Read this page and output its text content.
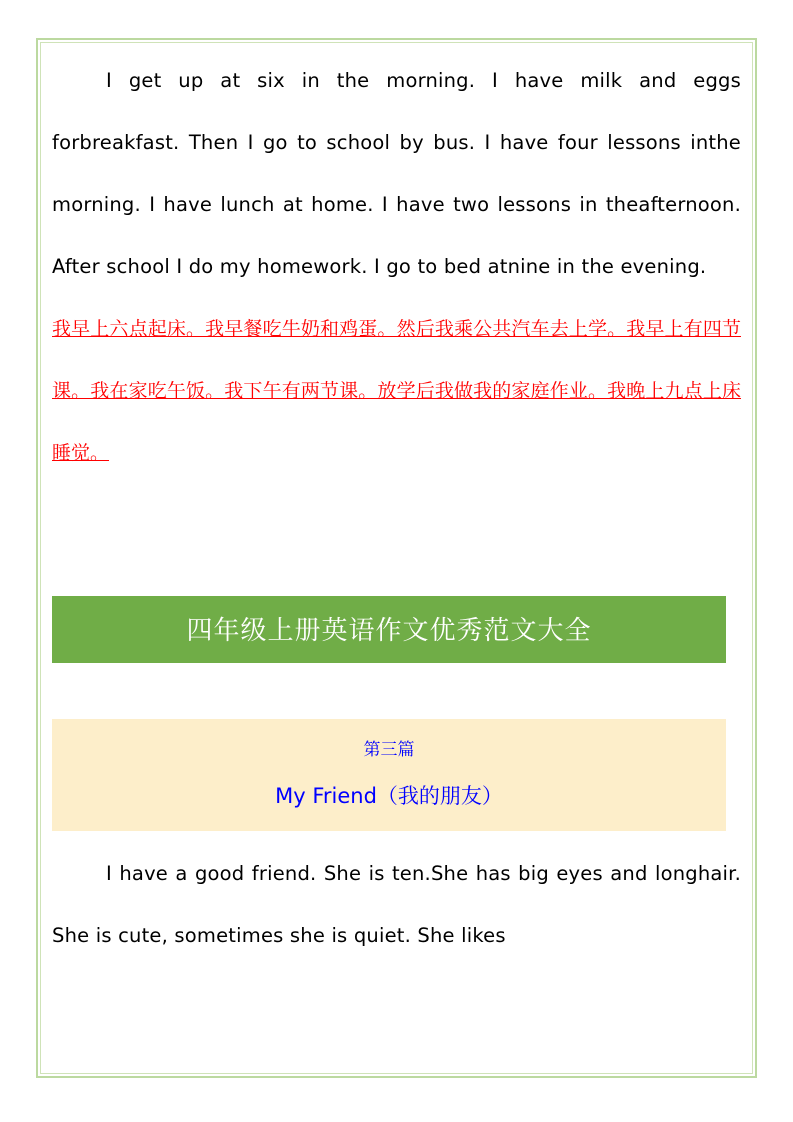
I get up at six in the morning. I have milk and eggs forbreakfast. Then I go to school by bus. I have four lessons inthe morning. I have lunch at home. I have two lessons in theafternoon. After school I do my homework. I go to bed atnine in the evening.

我早上六点起床。我早餐吃牛奶和鸡蛋。然后我乘公共汽车去上学。我早上有四节课。我在家吃午饭。我下午有两节课。放学后我做我的家庭作业。我晚上九点上床睡觉。

四年级上册英语作文优秀范文大全

第三篇

My Friend（我的朋友）

I have a good friend. She is ten.She has big eyes and longhair. She is cute, sometimes she is quiet. She likes
